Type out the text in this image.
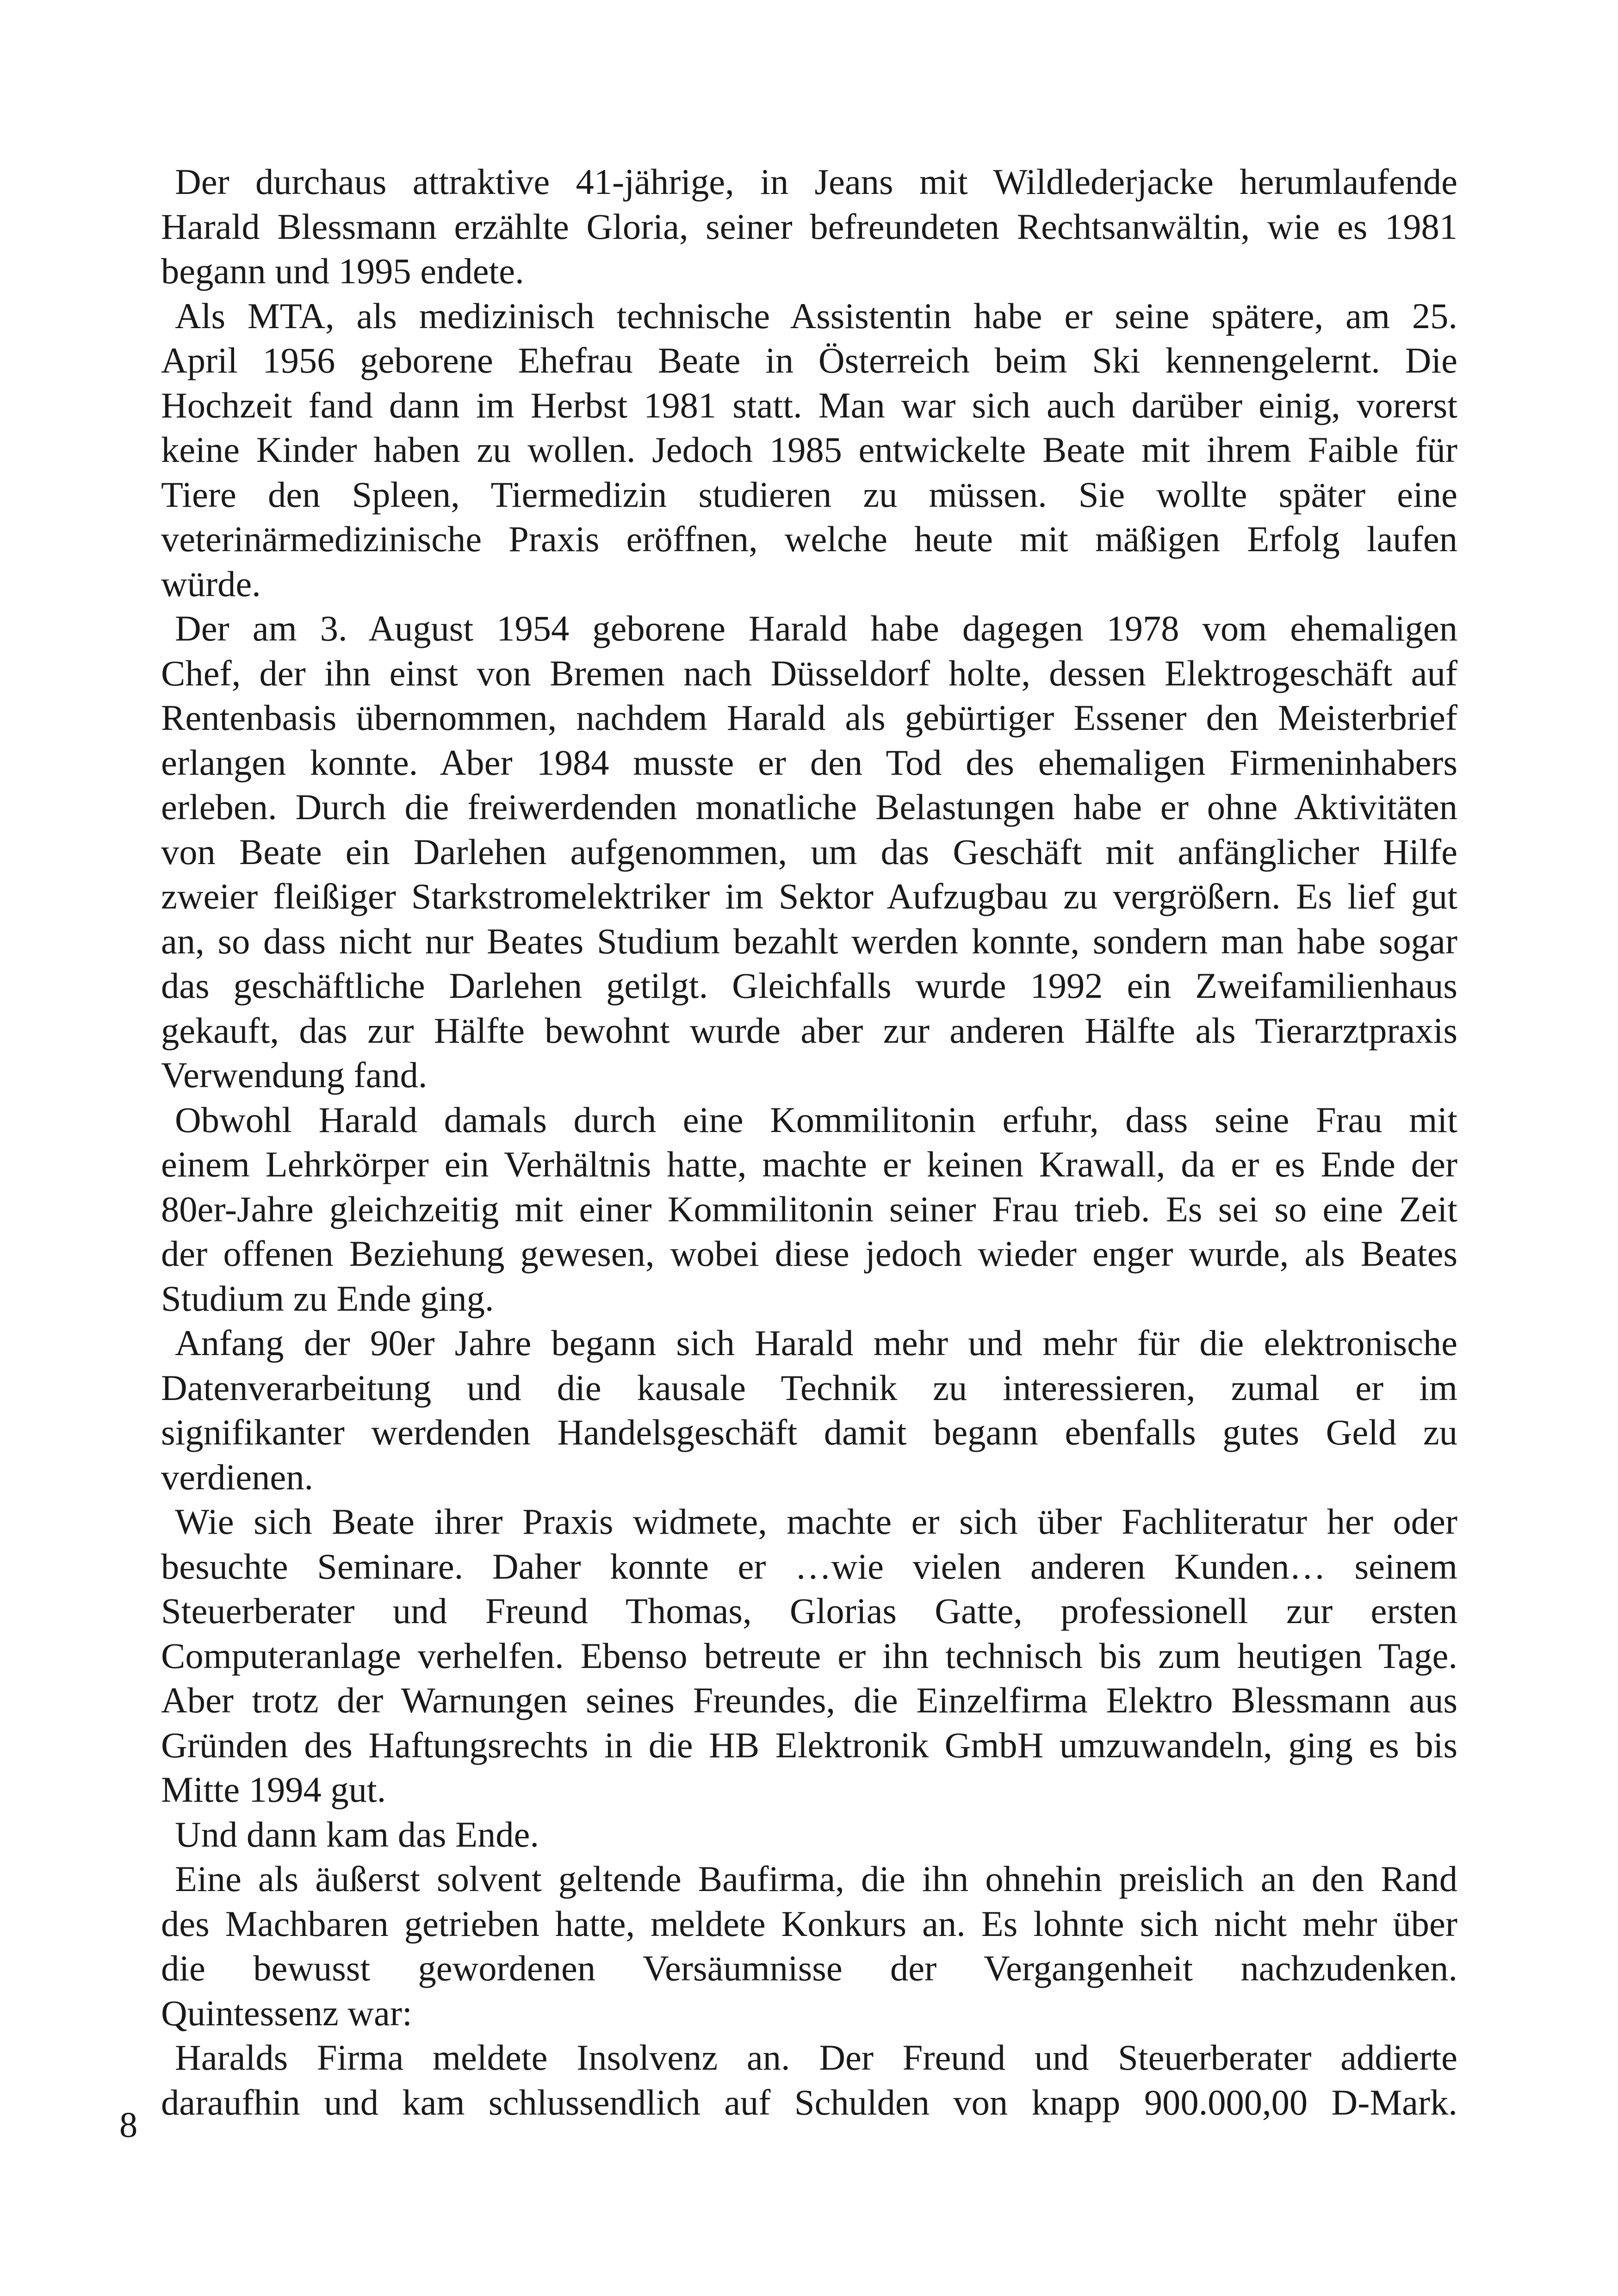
Der durchaus attraktive 41-jährige, in Jeans mit Wildlederjacke herumlaufende
Harald Blessmann erzählte Gloria, seiner befreundeten Rechtsanwältin, wie es 1981
begann und 1995 endete.
Als MTA, als medizinisch technische Assistentin habe er seine spätere, am 25.
April 1956 geborene Ehefrau Beate in Österreich beim Ski kennengelernt. Die
Hochzeit fand dann im Herbst 1981 statt. Man war sich auch darüber einig, vorerst
keine Kinder haben zu wollen. Jedoch 1985 entwickelte Beate mit ihrem Faible für
Tiere den Spleen, Tiermedizin studieren zu müssen. Sie wollte später eine
veterinärmedizinische Praxis eröffnen, welche heute mit mäßigen Erfolg laufen
würde.
Der am 3. August 1954 geborene Harald habe dagegen 1978 vom ehemaligen
Chef, der ihn einst von Bremen nach Düsseldorf holte, dessen Elektrogeschäft auf
Rentenbasis übernommen, nachdem Harald als gebürtiger Essener den Meisterbrief
erlangen konnte. Aber 1984 musste er den Tod des ehemaligen Firmeninhabers
erleben. Durch die freiwerdenden monatliche Belastungen habe er ohne Aktivitäten
von Beate ein Darlehen aufgenommen, um das Geschäft mit anfänglicher Hilfe
zweier fleißiger Starkstromelektriker im Sektor Aufzugbau zu vergrößern. Es lief gut
an, so dass nicht nur Beates Studium bezahlt werden konnte, sondern man habe sogar
das geschäftliche Darlehen getilgt. Gleichfalls wurde 1992 ein Zweifamilienhaus
gekauft, das zur Hälfte bewohnt wurde aber zur anderen Hälfte als Tierarztpraxis
Verwendung fand.
Obwohl Harald damals durch eine Kommilitonin erfuhr, dass seine Frau mit
einem Lehrkörper ein Verhältnis hatte, machte er keinen Krawall, da er es Ende der
80er-Jahre gleichzeitig mit einer Kommilitonin seiner Frau trieb. Es sei so eine Zeit
der offenen Beziehung gewesen, wobei diese jedoch wieder enger wurde, als Beates
Studium zu Ende ging.
Anfang der 90er Jahre begann sich Harald mehr und mehr für die elektronische
Datenverarbeitung und die kausale Technik zu interessieren, zumal er im
signifikanter werdenden Handelsgeschäft damit begann ebenfalls gutes Geld zu
verdienen.
Wie sich Beate ihrer Praxis widmete, machte er sich über Fachliteratur her oder
besuchte Seminare. Daher konnte er …wie vielen anderen Kunden… seinem
Steuerberater und Freund Thomas, Glorias Gatte, professionell zur ersten
Computeranlage verhelfen. Ebenso betreute er ihn technisch bis zum heutigen Tage.
Aber trotz der Warnungen seines Freundes, die Einzelfirma Elektro Blessmann aus
Gründen des Haftungsrechts in die HB Elektronik GmbH umzuwandeln, ging es bis
Mitte 1994 gut.
Und dann kam das Ende.
Eine als äußerst solvent geltende Baufirma, die ihn ohnehin preislich an den Rand
des Machbaren getrieben hatte, meldete Konkurs an. Es lohnte sich nicht mehr über
die bewusst gewordenen Versäumnisse der Vergangenheit nachzudenken.
Quintessenz war:
Haralds Firma meldete Insolvenz an. Der Freund und Steuerberater addierte
daraufhin und kam schlussendlich auf Schulden von knapp 900.000,00 D-Mark.
8
